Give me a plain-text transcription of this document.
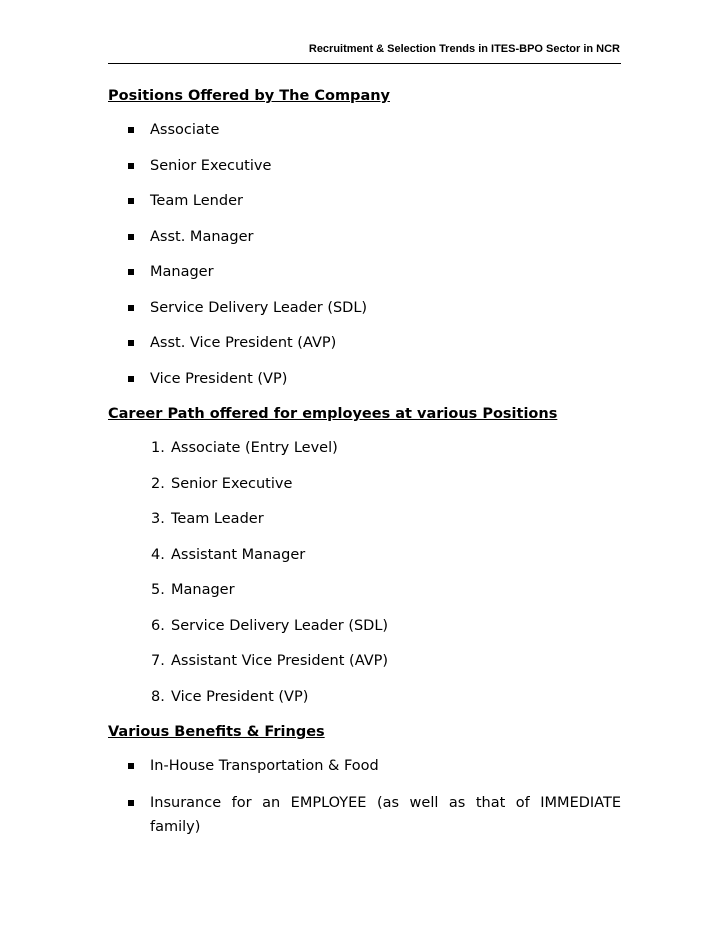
Recruitment & Selection Trends in ITES-BPO Sector in NCR
Positions Offered by The Company
Associate
Senior Executive
Team Lender
Asst. Manager
Manager
Service Delivery Leader (SDL)
Asst. Vice President (AVP)
Vice President (VP)
Career Path offered for employees at various Positions
1. Associate (Entry Level)
2. Senior Executive
3. Team Leader
4. Assistant Manager
5. Manager
6. Service Delivery Leader (SDL)
7. Assistant Vice President (AVP)
8. Vice President (VP)
Various Benefits & Fringes
In-House Transportation & Food
Insurance for an EMPLOYEE (as well as that of IMMEDIATE family)
